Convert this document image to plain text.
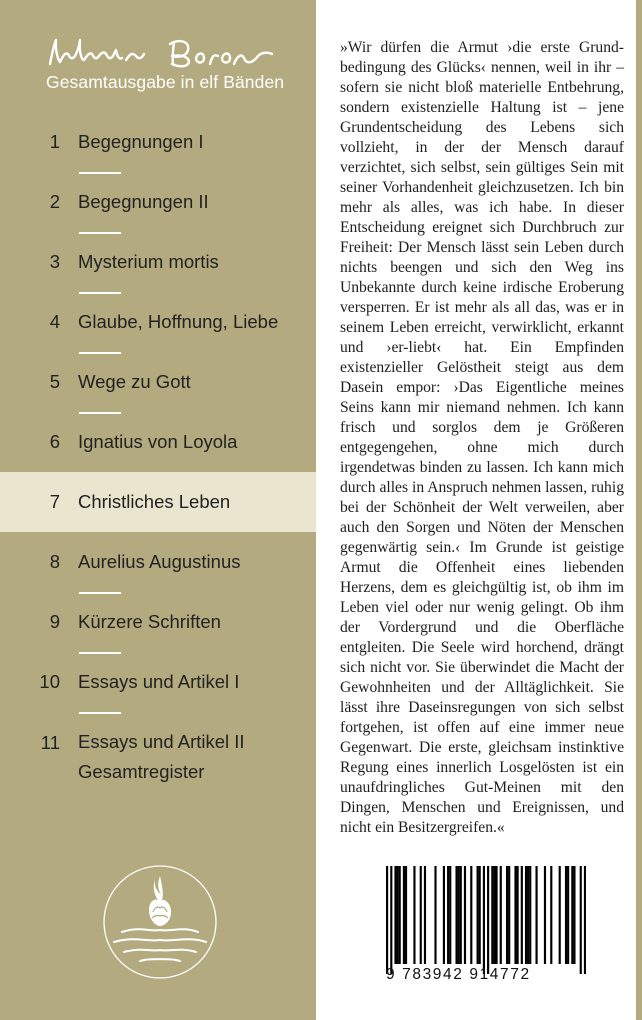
Gesamtausgabe in elf Bänden
1 Begegnungen I
2 Begegnungen II
3 Mysterium mortis
4 Glaube, Hoffnung, Liebe
5 Wege zu Gott
6 Ignatius von Loyola
7 Christliches Leben
8 Aurelius Augustinus
9 Kürzere Schriften
10 Essays und Artikel I
11 Essays und Artikel II
Gesamtregister
»Wir dürfen die Armut ›die erste Grundbedingung des Glücks‹ nennen, weil in ihr – sofern sie nicht bloß materielle Entbehrung, sondern existenzielle Haltung ist – jene Grundentscheidung des Lebens sich vollzieht, in der der Mensch darauf verzichtet, sich selbst, sein gültiges Sein mit seiner Vorhandenheit gleichzusetzen. Ich bin mehr als alles, was ich habe. In dieser Entscheidung ereignet sich Durchbruch zur Freiheit: Der Mensch lässt sein Leben durch nichts beengen und sich den Weg ins Unbekannte durch keine irdische Eroberung versperren. Er ist mehr als all das, was er in seinem Leben erreicht, verwirklicht, erkannt und ›er-liebt‹ hat. Ein Empfinden existenzieller Gelöstheit steigt aus dem Dasein empor: ›Das Eigentliche meines Seins kann mir niemand nehmen. Ich kann frisch und sorglos dem je Größeren entgegengehen, ohne mich durch irgendetwas binden zu lassen. Ich kann mich durch alles in Anspruch nehmen lassen, ruhig bei der Schönheit der Welt verweilen, aber auch den Sorgen und Nöten der Menschen gegenwärtig sein.‹ Im Grunde ist geistige Armut die Offenheit eines liebenden Herzens, dem es gleichgültig ist, ob ihm im Leben viel oder nur wenig gelingt. Ob ihm der Vordergrund und die Oberfläche entgleiten. Die Seele wird horchend, drängt sich nicht vor. Sie überwindet die Macht der Gewohnheiten und der Alltäglichkeit. Sie lässt ihre Daseinsregungen von sich selbst fortgehen, ist offen auf eine immer neue Gegenwart. Die erste, gleichsam instinktive Regung eines innerlich Losgelösten ist ein unaufdringliches Gut-Meinen mit den Dingen, Menschen und Ereignissen, und nicht ein Besitzergreifen.«
9 783942 914772
